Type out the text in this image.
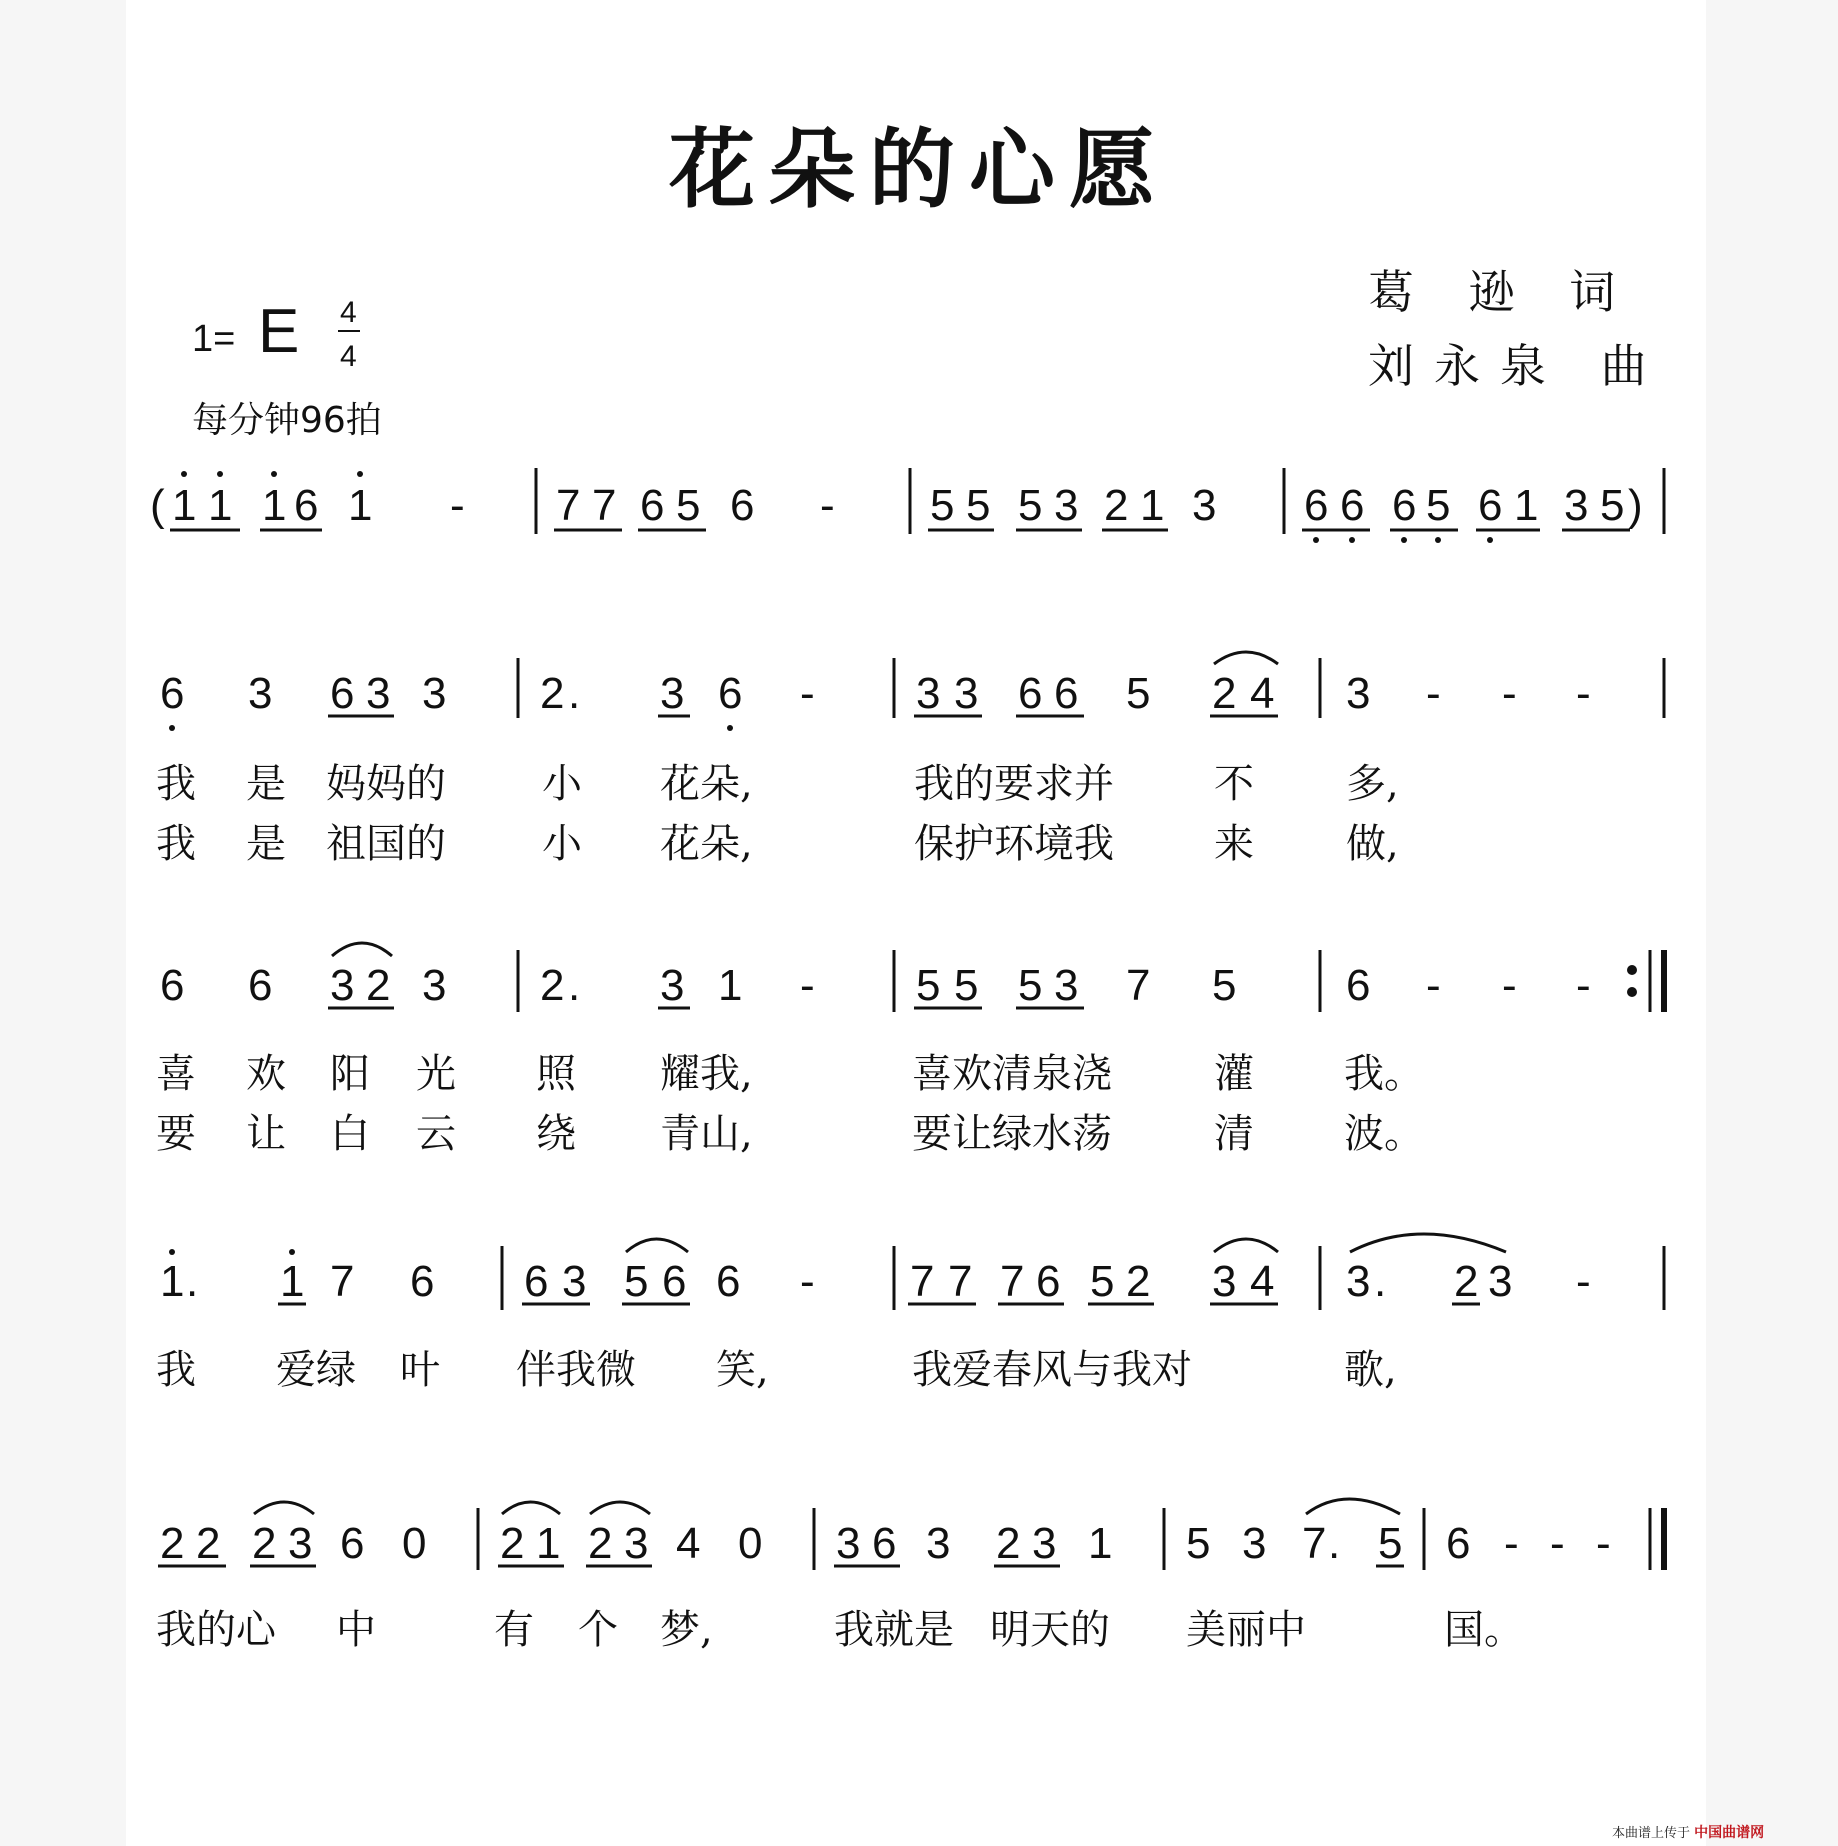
花朵的心愿
葛 逊 词
刘永泉 曲
1= E 4
4
每分钟96拍
( 1 1 1 6 1 - 7 7 6 5 6 - 5 5 5 3 2 1 3 6 6 6 5 6 1 3 5 )
6 3 6 3 3 2 . 3 6 - 3 3 6 6 5 2 4 3 - - -
6 6 3 2 3 2 . 3 1 - 5 5 5 3 7 5 6 - - -
1 . 1 7 6 6 3 5 6 6 - 7 7 7 6 5 2 3 4 3 . 2 3 -
2 2 2 3 6 0 2 1 2 3 4 0 3 6 3 2 3 1 5 3 7 . 5 6 - - -
我 是 妈妈的 小 花朵,	我的要求并	不 多,
我 是 祖国的 小 花朵,	保护环境我	来 做,
喜 欢 阳 光 照 耀我,	喜欢清泉浇	灌 我。
要 让 白 云 绕 青山,	要让绿水荡	清 波。
我 爱绿 叶 伴我微 笑,	我爱春风与我对	歌,
我的心 中	有 个 梦,	我就是 明天的 美丽中	国。
本曲谱上传于 中国曲谱网
